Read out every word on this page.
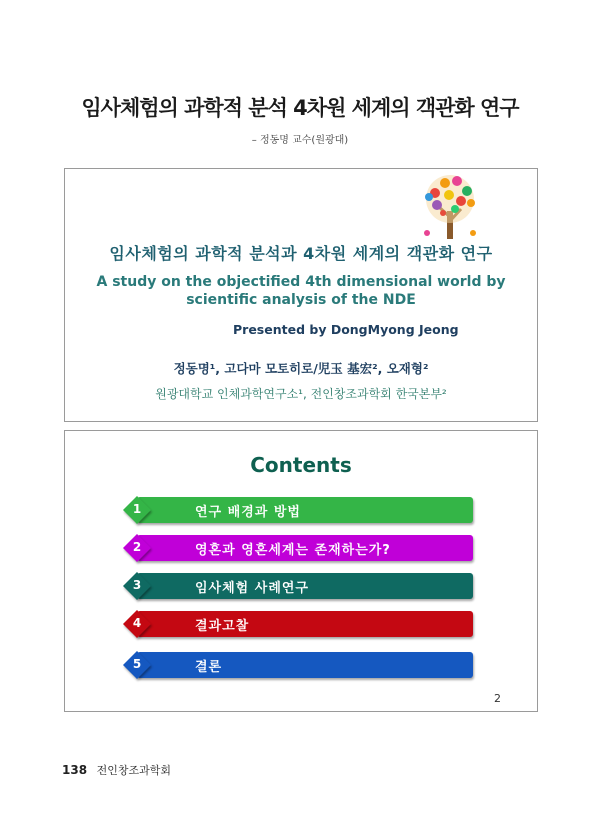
임사체험의 과학적 분석 4차원 세계의 객관화 연구
– 정동명 교수(원광대)
임사체험의 과학적 분석과 4차원 세계의 객관화 연구
A study on the objectified 4th dimensional world by scientific analysis of the NDE
Presented by DongMyong Jeong
정동명¹, 고다마 모토히로/児玉 基宏², 오재형²
원광대학교 인체과학연구소¹, 전인창조과학회 한국본부²
Contents
1	연구 배경과 방법
2	영혼과 영혼세계는 존재하는가?
3	임사체험 사례연구
4	결과고찰
5	결론
2
138 전인창조과학회
